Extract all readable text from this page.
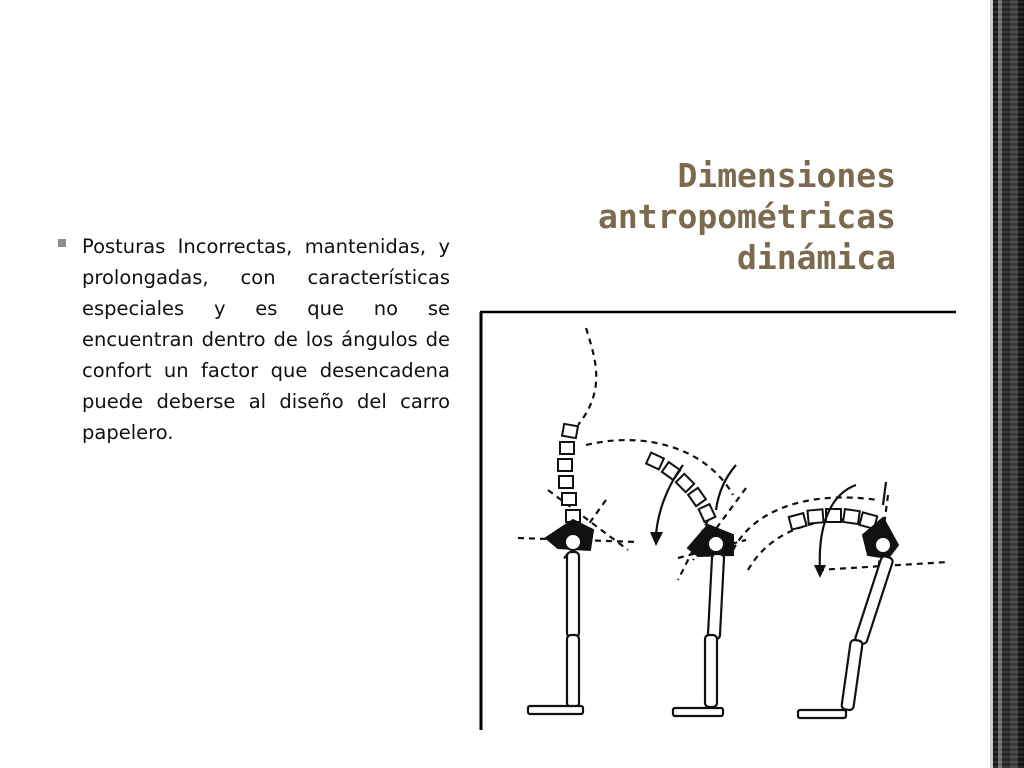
Dimensiones
antropométricas
dinámica
Posturas Incorrectas, mantenidas, y prolongadas, con características especiales y es que no se encuentran dentro de los ángulos de confort un factor que desencadena puede deberse al diseño del carro papelero.
